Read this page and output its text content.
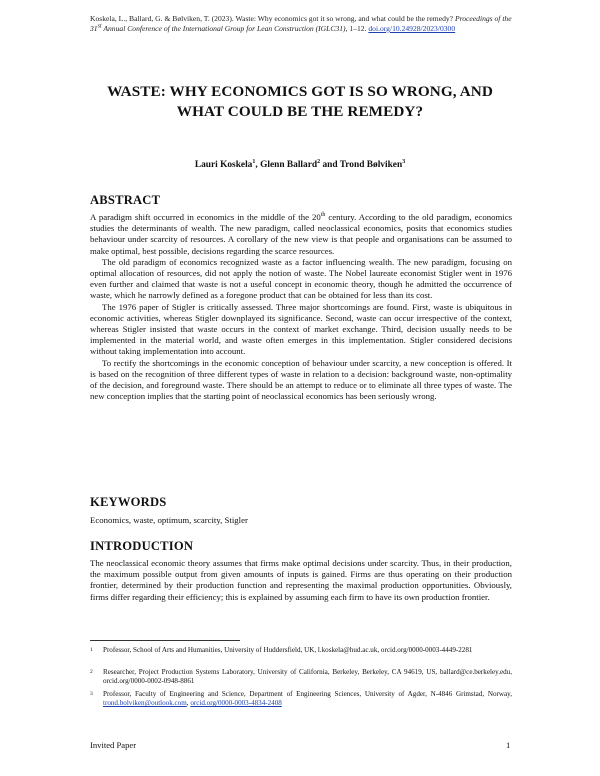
Koskela, L., Ballard, G. & Bølviken, T. (2023). Waste: Why economics got it so wrong, and what could be the remedy? Proceedings of the 31st Annual Conference of the International Group for Lean Construction (IGLC31), 1–12. doi.org/10.24928/2023/0300
WASTE: WHY ECONOMICS GOT IS SO WRONG, AND WHAT COULD BE THE REMEDY?
Lauri Koskela$^1$, Glenn Ballard$^2$ and Trond Bølviken$^3$
ABSTRACT

A paradigm shift occurred in economics in the middle of the 20th century. According to the old paradigm, economics studies the determinants of wealth. The new paradigm, called neoclassical economics, posits that economics studies behaviour under scarcity of resources. A corollary of the new view is that people and organisations can be assumed to make optimal, best possible, decisions regarding the scarce resources.

The old paradigm of economics recognized waste as a factor influencing wealth. The new paradigm, focusing on optimal allocation of resources, did not apply the notion of waste. The Nobel laureate economist Stigler went in 1976 even further and claimed that waste is not a useful concept in economic theory, though he admitted the occurrence of waste, which he narrowly defined as a foregone product that can be obtained for less than its cost.

The 1976 paper of Stigler is critically assessed. Three major shortcomings are found. First, waste is ubiquitous in economic activities, whereas Stigler downplayed its significance. Second, waste can occur irrespective of the context, whereas Stigler insisted that waste occurs in the context of market exchange. Third, decision usually needs to be implemented in the material world, and waste often emerges in this implementation. Stigler considered decisions without taking implementation into account.

To rectify the shortcomings in the economic conception of behaviour under scarcity, a new conception is offered. It is based on the recognition of three different types of waste in relation to a decision: background waste, non-optimality of the decision, and foreground waste. There should be an attempt to reduce or to eliminate all three types of waste. The new conception implies that the starting point of neoclassical economics has been seriously wrong.

KEYWORDS
Economics, waste, optimum, scarcity, Stigler
INTRODUCTION

The neoclassical economic theory assumes that firms make optimal decisions under scarcity. Thus, in their production, the maximum possible output from given amounts of inputs is gained. Firms are thus operating on their production frontier, determined by their production function and representing the maximal production opportunities. Obviously, firms differ regarding their efficiency; this is explained by assuming each firm to have its own production frontier.

1	Professor, School of Arts and Humanities, University of Huddersfield, UK, l.koskela@hud.ac.uk, orcid.org/0000-0003-4449-2281
2	Researcher, Project Production Systems Laboratory, University of California, Berkeley, Berkeley, CA 94619, US, ballard@ce.berkeley.edu, orcid.org/0000-0002-0948-8861
3	Professor, Faculty of Engineering and Science, Department of Engineering Sciences, University of Agder, N-4846 Grimstad, Norway, trond.bolviken@outlook.com, orcid.org/0000-0003-4834-2408
Invited Paper	1
